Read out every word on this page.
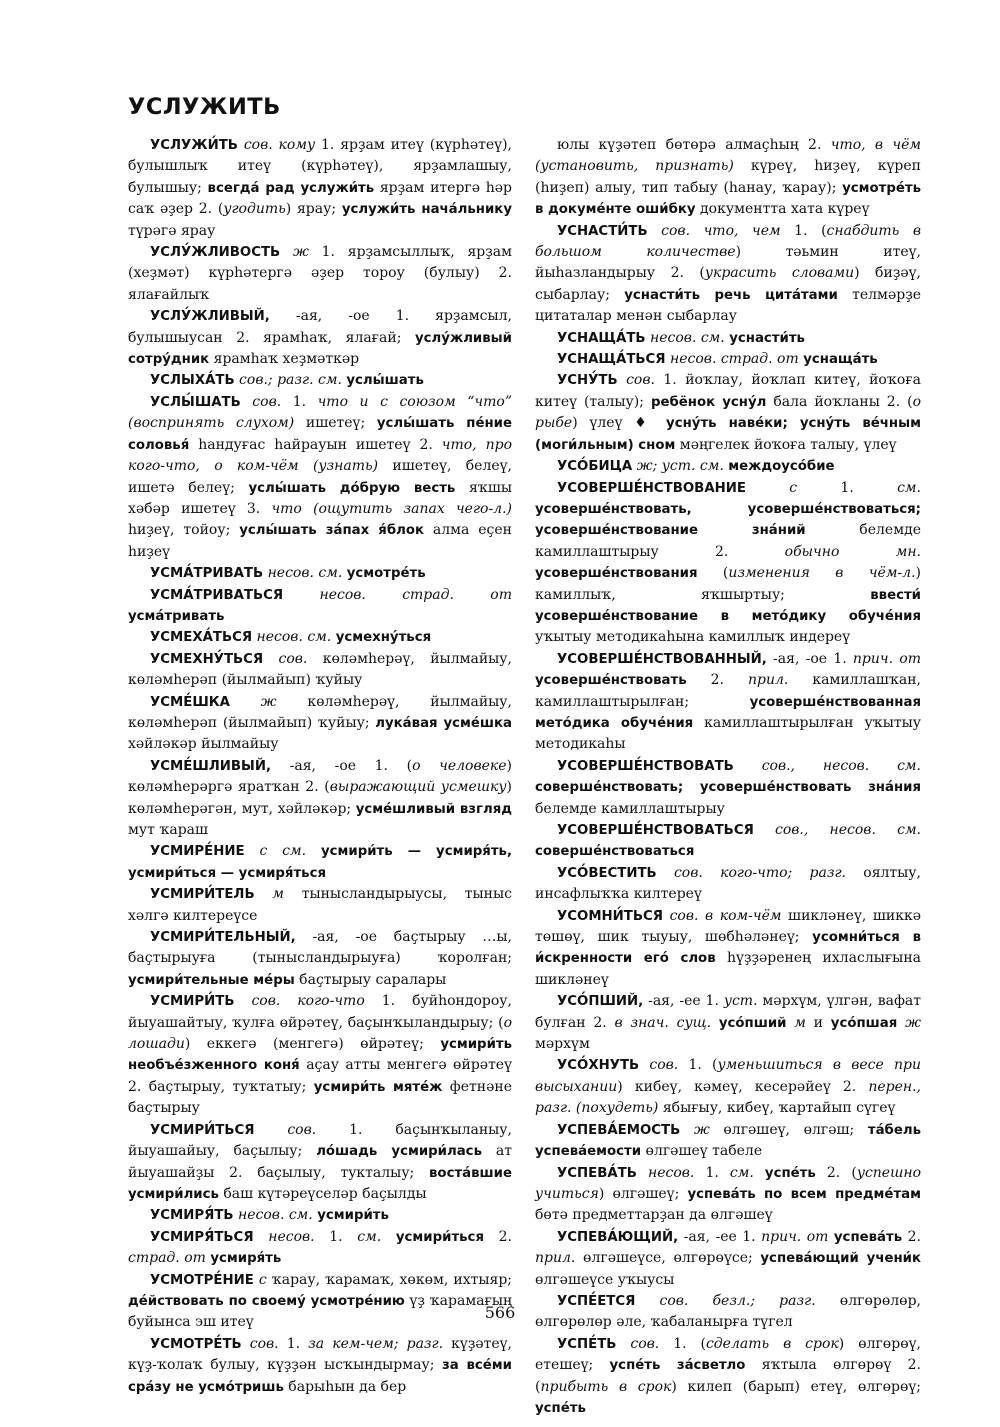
УСЛУЖИТЬ

УСЛУЖИ́ТЬ сов. кому 1. ярҙам итеү (күрһәтеү), булышлыҡ итеү (күрһәтеү), ярҙамлашыу, булышыу; всегда́ рад услужи́ть ярҙам итергә һәр саҡ әҙер 2. (угодить) ярау; услужи́ть нача́льнику түрәгә ярау

УСЛУ́ЖЛИВОСТЬ ж 1. ярҙамсыллыҡ, ярҙам (хеҙмәт) күрһәтергә әҙер тороу (булыу) 2. ялағайлыҡ

УСЛУ́ЖЛИВЫЙ, -ая, -ое 1. ярҙамсыл, булышыусан 2. ярамһаҡ, ялағай; услу́жливый сотру́дник ярамһаҡ хеҙмәткәр

УСЛЫХА́ТЬ сов.; разг. см. услы́шать

УСЛЫ́ШАТЬ сов. 1. что и с союзом “что” (воспринять слухом) ишетеү; услы́шать пе́ние соловья́ һандуғас һайрауын ишетеү 2. что, про кого-что, о ком-чём (узнать) ишетеү, белеү, ишетә белеү; услы́шать до́брую весть яҡшы хәбәр ишетеү 3. что (ощутить запах чего-л.) һиҙеү, тойоу; услы́шать за́пах я́блок алма еҫен һиҙеү

УСМА́ТРИВАТЬ несов. см. усмотре́ть

УСМА́ТРИВАТЬСЯ	несов. страд. от усма́тривать

УСМЕХА́ТЬСЯ несов. см. усмехну́ться

УСМЕХНУ́ТЬСЯ сов. көләмһерәү, йылмайыу, көләмһерәп (йылмайып) ҡуйыу

УСМЕ́ШКА ж көләмһерәү, йылмайыу, көләмһерәп (йылмайып) ҡуйыу; лука́вая усме́шка хәйләкәр йылмайыу

УСМЕ́ШЛИВЫЙ, -ая, -ое 1. (о человеке) көләмһерәргә яратҡан 2. (выражающий усмешку) көләмһерәгән, мут, хәйләкәр; усме́шливый взгляд мут ҡараш

УСМИРЕ́НИЕ с см. усмири́ть — усмиря́ть, усмири́ться — усмиря́ться

УСМИРИ́ТЕЛЬ м тынысландырыусы, тыныс хәлгә килтереүсе

УСМИРИ́ТЕЛЬНЫЙ, -ая, -ое баҫтырыу …ы, баҫтырыуға (тынысландырыуға) ҡоролған; усмири́тельные ме́ры баҫтырыу саралары

УСМИРИ́ТЬ сов. кого-что 1. буйһондороу, йыуашайтыу, ҡулға өйрәтеү, баҫынҡыландырыу; (о лошади) еккегә (менгегә) өйрәтеү; усмири́ть необъе́зженного коня́ аҫау атты менгегә өйрәтеү 2. баҫтырыу, туҡтатыу; усмири́ть мяте́ж фетнәне баҫтырыу

УСМИРИ́ТЬСЯ сов. 1. баҫынҡыланыу, йыуашайыу, баҫылыу; ло́шадь усмири́лась ат йыуашайҙы 2. баҫылыу, тукталыу; воста́вшие усмири́лись баш күтәреүселәр баҫылды

УСМИРЯ́ТЬ несов. см. усмири́ть

УСМИРЯ́ТЬСЯ несов. 1. см. усмири́ться 2. страд. от усмиря́ть

УСМОТРЕ́НИЕ с ҡарау, ҡарамаҡ, хөкөм, ихтыяр; де́йствовать по своему́ усмотре́нию үҙ ҡарамағың буйынса эш итеү

УСМОТРЕ́ТЬ сов. 1. за кем-чем; разг. күҙәтеү, күҙ-ҡолаҡ булыу, күҙҙән ысҡындырмау; за все́ми сра́зу не усмо́тришь барыһын да бер

юлы күҙәтеп бөтөрә алмаҫһың 2. что, в чём (установить, признать) күреү, һиҙеү, күреп (һиҙеп) алыу, тип табыу (һанау, ҡарау); усмотре́ть в докуме́нте оши́бку документта хата күреү

УСНАСТИ́ТЬ сов. что, чем 1. (снабдить в большом количестве) тәьмин итеү, йыһазландырыу 2. (украсить словами) биҙәү, сыбарлау; уснасти́ть речь цита́тами телмәрҙе цитаталар менән сыбарлау

УСНАЩА́ТЬ несов. см. уснасти́ть

УСНАЩА́ТЬСЯ несов. страд. от уснаща́ть

УСНУ́ТЬ сов. 1. йоҡлау, йоҡлап китеү, йоҡоға китеү (талыу); ребёнок усну́л бала йоҡланы 2. (о рыбе) үлеү ♦ усну́ть наве́ки; усну́ть ве́чным (моги́льным) сном мәңгелек йоҡоға талыу, үлеү

УСО́БИЦА ж; уст. см. междоусо́бие

УСОВЕРШЕ́НСТВОВАНИЕ	с 1. см. усоверше́нствовать, усоверше́нствоваться; усоверше́нствование зна́ний белемде камиллаштырыу 2. обычно мн. усоверше́нствования (изменения в чём-л.) камиллыҡ, яҡшыртыу; ввести́ усоверше́нствование в мето́дику обуче́ния уҡытыу методикаһына камиллыҡ индереү

УСОВЕРШЕ́НСТВОВАННЫЙ, -ая, -ое 1. прич. от усоверше́нствовать 2. прил. камиллашҡан, камиллаштырылған; усоверше́нствованная мето́дика обуче́ния камиллаштырылған уҡытыу методикаһы

УСОВЕРШЕ́НСТВОВАТЬ сов., несов. см. соверше́нствовать; усоверше́нствовать зна́ния белемде камиллаштырыу

УСОВЕРШЕ́НСТВОВАТЬСЯ сов., несов. см. соверше́нствоваться

УСО́ВЕСТИТЬ сов. кого-что; разг. оялтыу, инсафлыҡҡа килтереү

УСОМНИ́ТЬСЯ сов. в ком-чём шикләнеү, шиккә төшөү, шик тыуыу, шөбһәләнеү; усомни́ться в и́скренности его́ слов һүҙҙәренең ихласлығына шикләнеү

УСО́ПШИЙ, -ая, -ее 1. уст. мәрхүм, үлгән, вафат булған 2. в знач. сущ. усо́пший м и усо́пшая ж мәрхүм

УСО́ХНУТЬ сов. 1. (уменьшиться в весе при высыхании) кибеү, кәмеү, кесерәйеү 2. перен., разг. (похудеть) ябығыу, кибеү, ҡартайып сүгеү

УСПЕВА́ЕМОСТЬ ж өлгәшеү, өлгәш; та́бель успева́емости өлгәшеү табеле

УСПЕВА́ТЬ несов. 1. см. успе́ть 2. (успешно учиться) өлгәшеү; успева́ть по всем предме́там бөтә предметтарҙан да өлгәшеү

УСПЕВА́ЮЩИЙ, -ая, -ее 1. прич. от успева́ть 2. прил. өлгәшеүсе, өлгөрөүсе; успева́ющий учени́к өлгәшеүсе уҡыусы

УСПЕ́ЕТСЯ сов. безл.; разг. өлгөрөлөр, өлгөрөлөр әле, ҡабаланырға түгел

УСПЕ́ТЬ сов. 1. (сделать в срок) өлгөрөү, етешеү; успе́ть за́светло яҡтыла өлгөрөү 2. (прибыть в срок) килеп (барып) етеү, өлгөрөү; успе́ть

566
